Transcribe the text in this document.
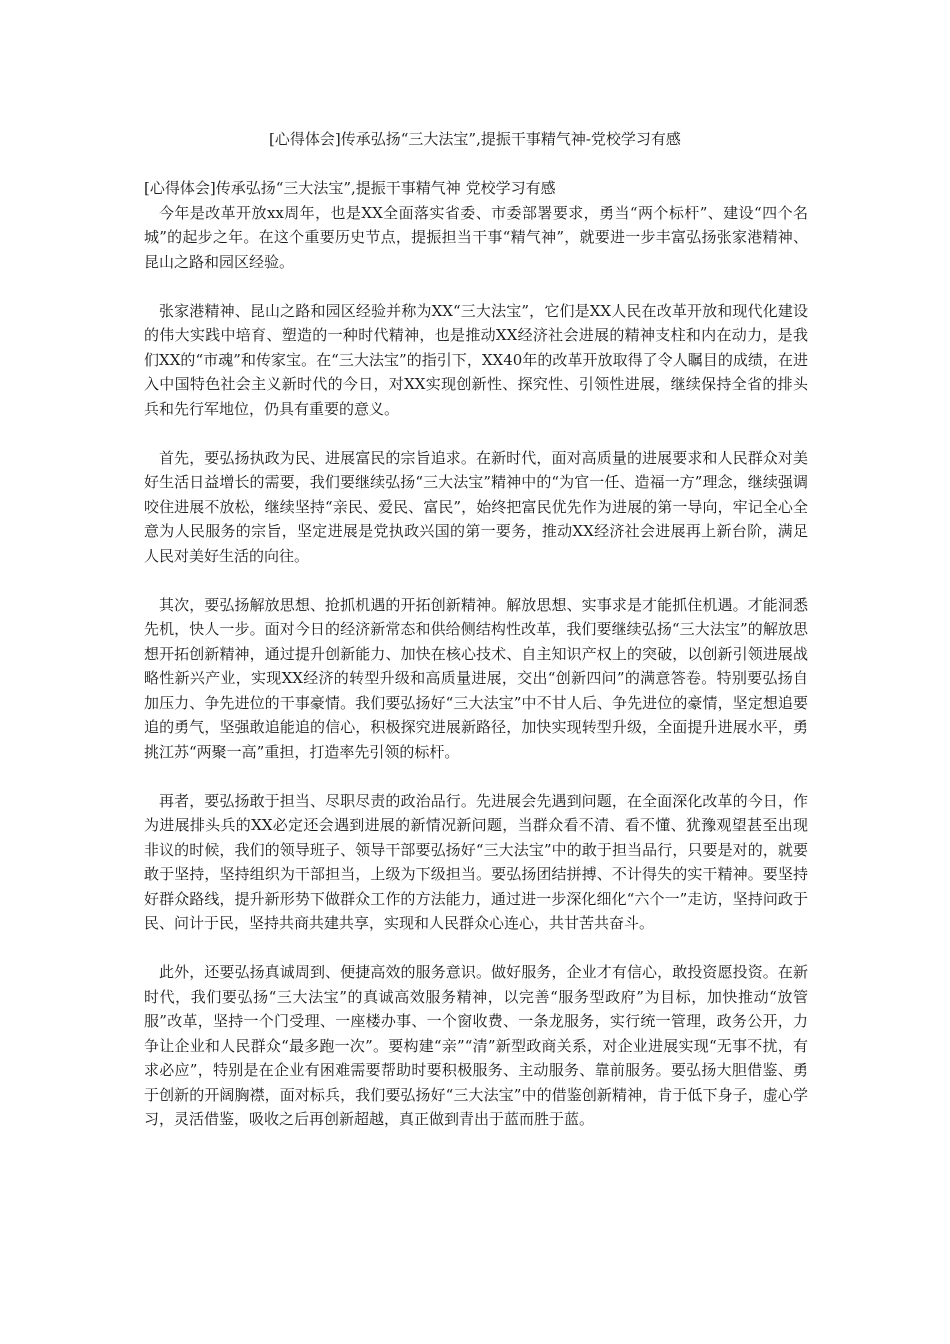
[心得体会]传承弘扬“三大法宝”,提振干事精气神-党校学习有感

[心得体会]传承弘扬“三大法宝”,提振干事精气神 党校学习有感

今年是改革开放xx周年，也是XX全面落实省委、市委部署要求，勇当“两个标杆”、建设“四个名城”的起步之年。在这个重要历史节点，提振担当干事“精气神”，就要进一步丰富弘扬张家港精神、昆山之路和园区经验。

张家港精神、昆山之路和园区经验并称为XX“三大法宝”，它们是XX人民在改革开放和现代化建设的伟大实践中培育、塑造的一种时代精神，也是推动XX经济社会进展的精神支柱和内在动力，是我们XX的“市魂”和传家宝。在“三大法宝”的指引下，XX40年的改革开放取得了令人瞩目的成绩，在进入中国特色社会主义新时代的今日，对XX实现创新性、探究性、引领性进展，继续保持全省的排头兵和先行军地位，仍具有重要的意义。

首先，要弘扬执政为民、进展富民的宗旨追求。在新时代，面对高质量的进展要求和人民群众对美好生活日益增长的需要，我们要继续弘扬“三大法宝”精神中的“为官一任、造福一方”理念，继续强调咬住进展不放松，继续坚持“亲民、爱民、富民”，始终把富民优先作为进展的第一导向，牢记全心全意为人民服务的宗旨，坚定进展是党执政兴国的第一要务，推动XX经济社会进展再上新台阶，满足人民对美好生活的向往。

其次，要弘扬解放思想、抢抓机遇的开拓创新精神。解放思想、实事求是才能抓住机遇。才能洞悉先机，快人一步。面对今日的经济新常态和供给侧结构性改革，我们要继续弘扬“三大法宝”的解放思想开拓创新精神，通过提升创新能力、加快在核心技术、自主知识产权上的突破，以创新引领进展战略性新兴产业，实现XX经济的转型升级和高质量进展，交出“创新四问”的满意答卷。特别要弘扬自加压力、争先进位的干事豪情。我们要弘扬好“三大法宝”中不甘人后、争先进位的豪情，坚定想追要追的勇气，坚强敢追能追的信心，积极探究进展新路径，加快实现转型升级，全面提升进展水平，勇挑江苏“两聚一高”重担，打造率先引领的标杆。

再者，要弘扬敢于担当、尽职尽责的政治品行。先进展会先遇到问题，在全面深化改革的今日，作为进展排头兵的XX必定还会遇到进展的新情况新问题，当群众看不清、看不懂、犹豫观望甚至出现非议的时候，我们的领导班子、领导干部要弘扬好“三大法宝”中的敢于担当品行，只要是对的，就要敢于坚持，坚持组织为干部担当，上级为下级担当。要弘扬团结拼搏、不计得失的实干精神。要坚持好群众路线，提升新形势下做群众工作的方法能力，通过进一步深化细化“六个一”走访，坚持问政于民、问计于民，坚持共商共建共享，实现和人民群众心连心，共甘苦共奋斗。

此外，还要弘扬真诚周到、便捷高效的服务意识。做好服务，企业才有信心，敢投资愿投资。在新时代，我们要弘扬“三大法宝”的真诚高效服务精神，以完善“服务型政府”为目标，加快推动“放管服”改革，坚持一个门受理、一座楼办事、一个窗收费、一条龙服务，实行统一管理，政务公开，力争让企业和人民群众“最多跑一次”。要构建“亲”“清”新型政商关系，对企业进展实现“无事不扰，有求必应”，特别是在企业有困难需要帮助时要积极服务、主动服务、靠前服务。要弘扬大胆借鉴、勇于创新的开阔胸襟，面对标兵，我们要弘扬好“三大法宝”中的借鉴创新精神，肯于低下身子，虚心学习，灵活借鉴，吸收之后再创新超越，真正做到青出于蓝而胜于蓝。
